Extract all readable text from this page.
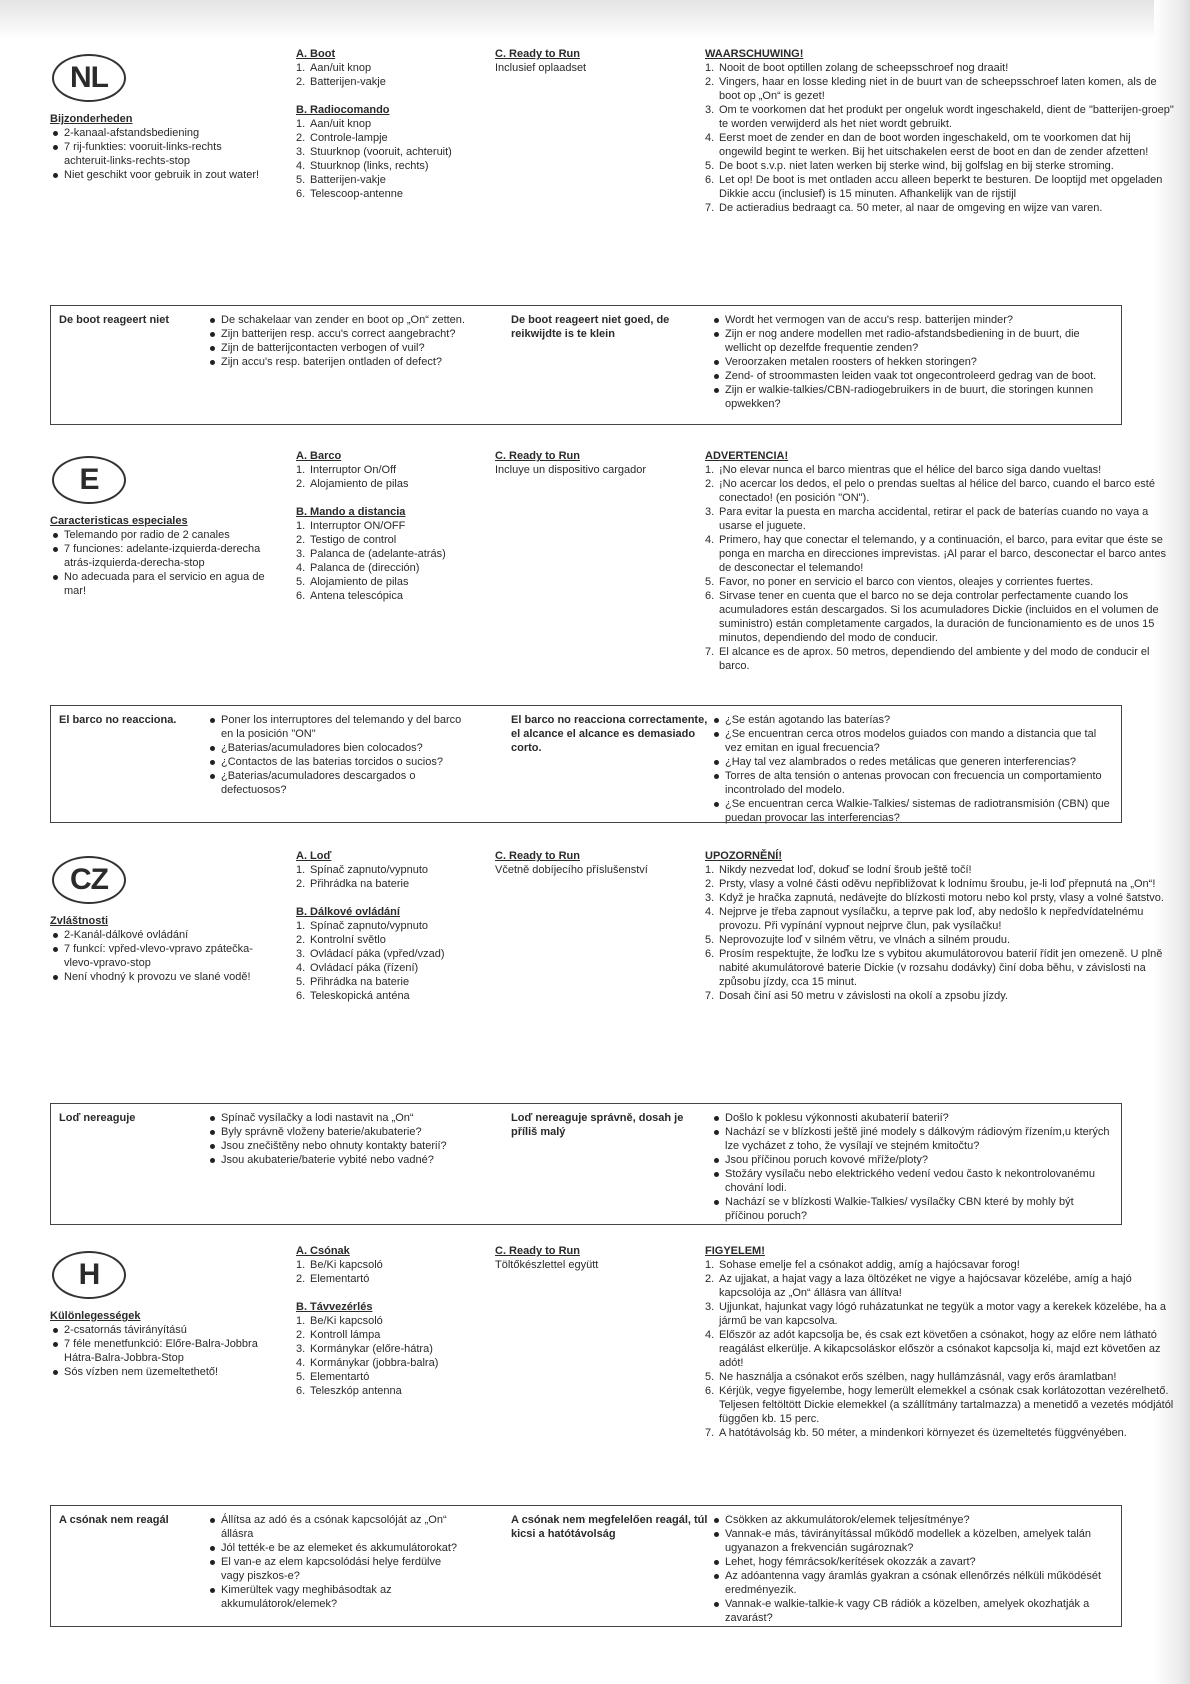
NL

Bijzonderheden

2-kanaal-afstandsbediening
7 rij-funkties: vooruit-links-rechts achteruit-links-rechts-stop
Niet geschikt voor gebruik in zout water!

A. Boot

1. Aan/uit knop
2. Batterijen-vakje

B. Radiocomando

1. Aan/uit knop
2. Controle-lampje
3. Stuurknop (vooruit, achteruit)
4. Stuurknop (links, rechts)
5. Batterijen-vakje
6. Telescoop-antenne

C. Ready to Run

Inclusief oplaadset

WAARSCHUWING!

1. Nooit de boot optillen zolang de scheepsschroef nog draait!
2. Vingers, haar en losse kleding niet in de buurt van de scheepsschroef laten komen, als de boot op „On“ is gezet!
3. Om te voorkomen dat het produkt per ongeluk wordt ingeschakeld, dient de "batterijen-groep" te worden verwijderd als het niet wordt gebruikt.
4. Eerst moet de zender en dan de boot worden ingeschakeld, om te voorkomen dat hij ongewild begint te werken. Bij het uitschakelen eerst de boot en dan de zender afzetten!
5. De boot s.v.p. niet laten werken bij sterke wind, bij golfslag en bij sterke stroming.
6. Let op! De boot is met ontladen accu alleen beperkt te besturen. De looptijd met opgeladen Dikkie accu (inclusief) is 15 minuten. Afhankelijk van de rijstijl
7. De actieradius bedraagt ca. 50 meter, al naar de omgeving en wijze van varen.
De boot reageert niet	De schakelaar van zender en boot op „On“ zetten.
Zijn batterijen resp. accu's correct aangebracht?
Zijn de batterijcontacten verbogen of vuil?
Zijn accu's resp. baterijen ontladen of defect?
De boot reageert niet goed, de reikwijdte is te klein
Wordt het vermogen van de accu's resp. batterijen minder?
Zijn er nog andere modellen met radio-afstandsbediening in de buurt, die wellicht op dezelfde frequentie zenden?
Veroorzaken metalen roosters of hekken storingen?
Zend- of stroommasten leiden vaak tot ongecontroleerd gedrag van de boot.
Zijn er walkie-talkies/CBN-radiogebruikers in de buurt, die storingen kunnen opwekken?
E

Caracteristicas especiales

Telemando por radio de 2 canales
7 funciones: adelante-izquierda-derecha atrás-izquierda-derecha-stop
No adecuada para el servicio en agua de mar!

A. Barco

1. Interruptor On/Off
2. Alojamiento de pilas

B. Mando a distancia

1. Interruptor ON/OFF
2. Testigo de control
3. Palanca de (adelante-atrás)
4. Palanca de (dirección)
5. Alojamiento de pilas
6. Antena telescópica

C. Ready to Run

Incluye un dispositivo cargador

ADVERTENCIA!

1. ¡No elevar nunca el barco mientras que el hélice del barco siga dando vueltas!
2. ¡No acercar los dedos, el pelo o prendas sueltas al hélice del barco, cuando el barco esté conectado! (en posición "ON").
3. Para evitar la puesta en marcha accidental, retirar el pack de baterías cuando no vaya a usarse el juguete.
4. Primero, hay que conectar el telemando, y a continuación, el barco, para evitar que éste se ponga en marcha en direcciones imprevistas. ¡Al parar el barco, desconectar el barco antes de desconectar el telemando!
5. Favor, no poner en servicio el barco con vientos, oleajes y corrientes fuertes.
6. Sirvase tener en cuenta que el barco no se deja controlar perfectamente cuando los acumuladores están descargados. Si los acumuladores Dickie (incluidos en el volumen de suministro) están completamente cargados, la duración de funcionamiento es de unos 15 minutos, dependiendo del modo de conducir.
7. El alcance es de aprox. 50 metros, dependiendo del ambiente y del modo de conducir el barco.
El barco no reacciona.	Poner los interruptores del telemando y del barco en la posición "ON"
¿Baterias/acumuladores bien colocados?
¿Contactos de las baterias torcidos o sucios?
¿Baterias/acumuladores descargados o defectuosos?
El barco no reacciona correctamente, el alcance el alcance es demasiado corto.
¿Se están agotando las baterías?
¿Se encuentran cerca otros modelos guiados con mando a distancia que tal vez emitan en igual frecuencia?
¿Hay tal vez alambrados o redes metálicas que generen interferencias?
Torres de alta tensión o antenas provocan con frecuencia un comportamiento incontrolado del modelo.
¿Se encuentran cerca Walkie-Talkies/ sistemas de radiotransmisión (CBN) que puedan provocar las interferencias?
CZ

Zvláštnosti

2-Kanál-dálkové ovládání
7 funkcí: vpřed-vlevo-vpravo zpátečka-vlevo-vpravo-stop
Není vhodný k provozu ve slané vodě!

A. Loď

1. Spínač zapnuto/vypnuto
2. Přihrádka na baterie

B. Dálkové ovládání

1. Spínač zapnuto/vypnuto
2. Kontrolní světlo
3. Ovládací páka (vpřed/vzad)
4. Ovládací páka (řízení)
5. Přihrádka na baterie
6. Teleskopická anténa

C. Ready to Run

Včetně dobíjecího příslušenství

UPOZORNĚNÍ!

1. Nikdy nezvedat loď, dokuď se lodní šroub ještě točí!
2. Prsty, vlasy a volné části oděvu nepřibližovat k lodnímu šroubu, je-li loď přepnutá na „On“!
3. Když je hračka zapnutá, nedávejte do blízkosti motoru nebo kol prsty, vlasy a volné šatstvo.
4. Nejprve je třeba zapnout vysílačku, a teprve pak loď, aby nedošlo k nepředvídatelnému provozu. Při vypínání vypnout nejprve člun, pak vysílačku!
5. Neprovozujte loď v silném větru, ve vlnách a silném proudu.
6. Prosím respektujte, že loďku lze s vybitou akumulátorovou baterií řídit jen omezeně. U plně nabité akumulátorové baterie Dickie (v rozsahu dodávky) činí doba běhu, v závislosti na způsobu jízdy, cca 15 minut.
7. Dosah činí asi 50 metru v závislosti na okolí a zpsobu jízdy.
Loď nereaguje	Spínač vysílačky a lodi nastavit na „On“
Byly správně vloženy baterie/akubaterie?
Jsou znečištěny nebo ohnuty kontakty baterií?
Jsou akubaterie/baterie vybité nebo vadné?
Loď nereaguje správně, dosah je příliš malý
Došlo k poklesu výkonnosti akubaterií baterií?
Nachází se v blízkosti ještě jiné modely s dálkovým rádiovým řízením,u kterých lze vycházet z toho, že vysílají ve stejném kmitočtu?
Jsou příčinou poruch kovové mříže/ploty?
Stožáry vysílaču nebo elektrického vedení vedou často k nekontrolovanému chování lodi.
Nachází se v blízkosti Walkie-Talkies/ vysílačky CBN které by mohly být příčinou poruch?
H

Különlegességek

2-csatornás távirányítású
7 féle menetfunkció: Előre-Balra-Jobbra Hátra-Balra-Jobbra-Stop
Sós vízben nem üzemeltethető!

A. Csónak

1. Be/Ki kapcsoló
2. Elementartó

B. Távvezérlés

1. Be/Ki kapcsoló
2. Kontroll lámpa
3. Kormánykar (előre-hátra)
4. Kormánykar (jobbra-balra)
5. Elementartó
6. Teleszkóp antenna

C. Ready to Run

Töltőkészlettel együtt

FIGYELEM!

1. Sohase emelje fel a csónakot addig, amíg a hajócsavar forog!
2. Az ujjakat, a hajat vagy a laza öltözéket ne vigye a hajócsavar közelébe, amíg a hajó kapcsolója az „On“ állásra van állítva!
3. Ujjunkat, hajunkat vagy lógó ruházatunkat ne tegyük a motor vagy a kerekek közelébe, ha a jármű be van kapcsolva.
4. Először az adót kapcsolja be, és csak ezt követően a csónakot, hogy az előre nem látható reagálást elkerülje. A kikapcsoláskor először a csónakot kapcsolja ki, majd ezt követően az adót!
5. Ne használja a csónakot erős szélben, nagy hullámzásnál, vagy erős áramlatban!
6. Kérjük, vegye figyelembe, hogy lemerült elemekkel a csónak csak korlátozottan vezérelhető. Teljesen feltöltött Dickie elemekkel (a szállítmány tartalmazza) a menetidő a vezetés módjától függően kb. 15 perc.
7. A hatótávolság kb. 50 méter, a mindenkori környezet és üzemeltetés függvényében.
A csónak nem reagál	Állítsa az adó és a csónak kapcsolóját az „On“ állásra
Jól tették-e be az elemeket és akkumulátorokat?
El van-e az elem kapcsolódási helye ferdülve vagy piszkos-e?
Kimerültek vagy meghibásodtak az akkumulátorok/elemek?
A csónak nem megfelelően reagál, túl kicsi a hatótávolság
Csökken az akkumulátorok/elemek teljesítménye?
Vannak-e más, távirányítással működő modellek a közelben, amelyek talán ugyanazon a frekvencián sugároznak?
Lehet, hogy fémrácsok/kerítések okozzák a zavart?
Az adóantenna vagy áramlás gyakran a csónak ellenőrzés nélküli működését eredményezik.
Vannak-e walkie-talkie-k vagy CB rádiók a közelben, amelyek okozhatják a zavarást?
